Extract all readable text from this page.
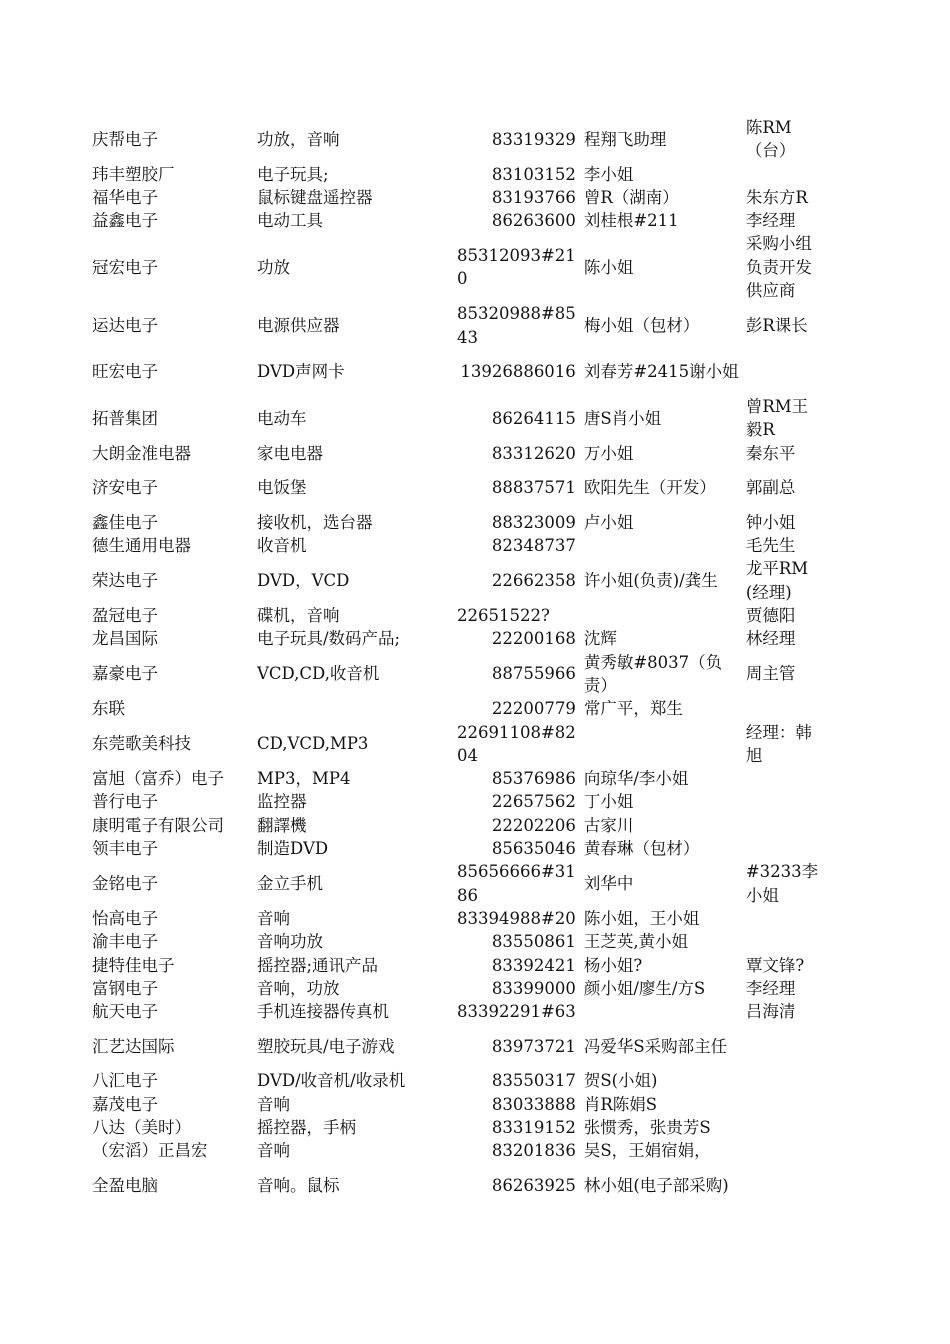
庆帮电子	功放，音响	83319329	程翔飞助理	陈RM（台）
玮丰塑胶厂	电子玩具;	83103152	李小姐	
福华电子	鼠标键盘遥控器	83193766	曾R（湖南）	朱东方R
益鑫电子	电动工具	86263600	刘桂根#211	李经理
冠宏电子	功放	85312093#210	陈小姐	采购小组负责开发供应商
运达电子	电源供应器	85320988#8543	梅小姐（包材）	彭R课长
旺宏电子	DVD声网卡	13926886016	刘春芳#2415谢小姐	
拓普集团	电动车	86264115	唐S肖小姐	曾RM王毅R
大朗金准电器	家电电器	83312620	万小姐	秦东平
济安电子	电饭堡	88837571	欧阳先生（开发）	郭副总
鑫佳电子	接收机，选台器	88323009	卢小姐	钟小姐
德生通用电器	收音机	82348737		毛先生
荣达电子	DVD，VCD	22662358	许小姐(负责)/龚生	龙平RM(经理)
盈冠电子	碟机，音响	22651522?		贾德阳
龙昌国际	电子玩具/数码产品;	22200168	沈辉	林经理
嘉豪电子	VCD,CD,收音机	88755966	黄秀敏#8037（负责）	周主管
东联		22200779	常广平，郑生	
东莞歌美科技	CD,VCD,MP3	22691108#8204		经理：韩旭
富旭（富乔）电子	MP3，MP4	85376986	向琼华/李小姐	
普行电子	监控器	22657562	丁小姐	
康明電子有限公司	翻譯機	22202206	古家川	
领丰电子	制造DVD	85635046	黄春琳（包材）	
金铭电子	金立手机	85656666#3186	刘华中	#3233李小姐
怡高电子	音响	83394988#20	陈小姐，王小姐	
渝丰电子	音响功放	83550861	王芝英,黄小姐	
捷特佳电子	摇控器;通讯产品	83392421	杨小姐?	覃文锋?
富钢电子	音响，功放	83399000	颜小姐/廖生/方S	李经理
航天电子	手机连接器传真机	83392291#63		吕海清
汇艺达国际	塑胶玩具/电子游戏	83973721	冯爱华S采购部主任	
八汇电子	DVD/收音机/收录机	83550317	贺S(小姐)	
嘉茂电子	音响	83033888	肖R陈娟S	
八达（美时）	摇控器，手柄	83319152	张惯秀，张贵芳S	
（宏滔）正昌宏	音响	83201836	吴S，王娟宿娟，	
全盈电脑	音响。鼠标	86263925	林小姐(电子部采购)	
